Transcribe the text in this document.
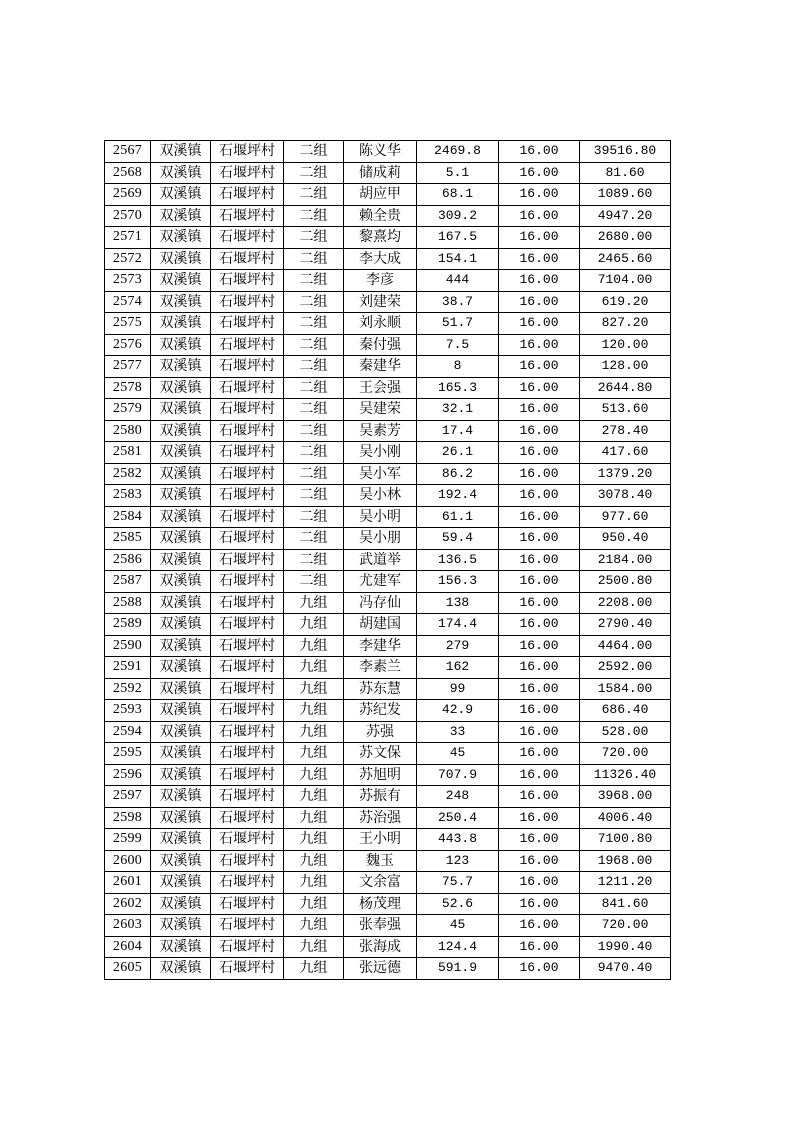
2567	双溪镇	石堰坪村	二组	陈义华	2469.8	16.00	39516.80
2568	双溪镇	石堰坪村	二组	储成莉	5.1	16.00	81.60
2569	双溪镇	石堰坪村	二组	胡应甲	68.1	16.00	1089.60
2570	双溪镇	石堰坪村	二组	赖全贵	309.2	16.00	4947.20
2571	双溪镇	石堰坪村	二组	黎熹均	167.5	16.00	2680.00
2572	双溪镇	石堰坪村	二组	李大成	154.1	16.00	2465.60
2573	双溪镇	石堰坪村	二组	李彦	444	16.00	7104.00
2574	双溪镇	石堰坪村	二组	刘建荣	38.7	16.00	619.20
2575	双溪镇	石堰坪村	二组	刘永顺	51.7	16.00	827.20
2576	双溪镇	石堰坪村	二组	秦付强	7.5	16.00	120.00
2577	双溪镇	石堰坪村	二组	秦建华	8	16.00	128.00
2578	双溪镇	石堰坪村	二组	王会强	165.3	16.00	2644.80
2579	双溪镇	石堰坪村	二组	吴建荣	32.1	16.00	513.60
2580	双溪镇	石堰坪村	二组	吴素芳	17.4	16.00	278.40
2581	双溪镇	石堰坪村	二组	吴小刚	26.1	16.00	417.60
2582	双溪镇	石堰坪村	二组	吴小军	86.2	16.00	1379.20
2583	双溪镇	石堰坪村	二组	吴小林	192.4	16.00	3078.40
2584	双溪镇	石堰坪村	二组	吴小明	61.1	16.00	977.60
2585	双溪镇	石堰坪村	二组	吴小朋	59.4	16.00	950.40
2586	双溪镇	石堰坪村	二组	武道举	136.5	16.00	2184.00
2587	双溪镇	石堰坪村	二组	尤建军	156.3	16.00	2500.80
2588	双溪镇	石堰坪村	九组	冯存仙	138	16.00	2208.00
2589	双溪镇	石堰坪村	九组	胡建国	174.4	16.00	2790.40
2590	双溪镇	石堰坪村	九组	李建华	279	16.00	4464.00
2591	双溪镇	石堰坪村	九组	李素兰	162	16.00	2592.00
2592	双溪镇	石堰坪村	九组	苏东慧	99	16.00	1584.00
2593	双溪镇	石堰坪村	九组	苏纪发	42.9	16.00	686.40
2594	双溪镇	石堰坪村	九组	苏强	33	16.00	528.00
2595	双溪镇	石堰坪村	九组	苏文保	45	16.00	720.00
2596	双溪镇	石堰坪村	九组	苏旭明	707.9	16.00	11326.40
2597	双溪镇	石堰坪村	九组	苏振有	248	16.00	3968.00
2598	双溪镇	石堰坪村	九组	苏治强	250.4	16.00	4006.40
2599	双溪镇	石堰坪村	九组	王小明	443.8	16.00	7100.80
2600	双溪镇	石堰坪村	九组	魏玉	123	16.00	1968.00
2601	双溪镇	石堰坪村	九组	文余富	75.7	16.00	1211.20
2602	双溪镇	石堰坪村	九组	杨茂理	52.6	16.00	841.60
2603	双溪镇	石堰坪村	九组	张奉强	45	16.00	720.00
2604	双溪镇	石堰坪村	九组	张海成	124.4	16.00	1990.40
2605	双溪镇	石堰坪村	九组	张远德	591.9	16.00	9470.40
